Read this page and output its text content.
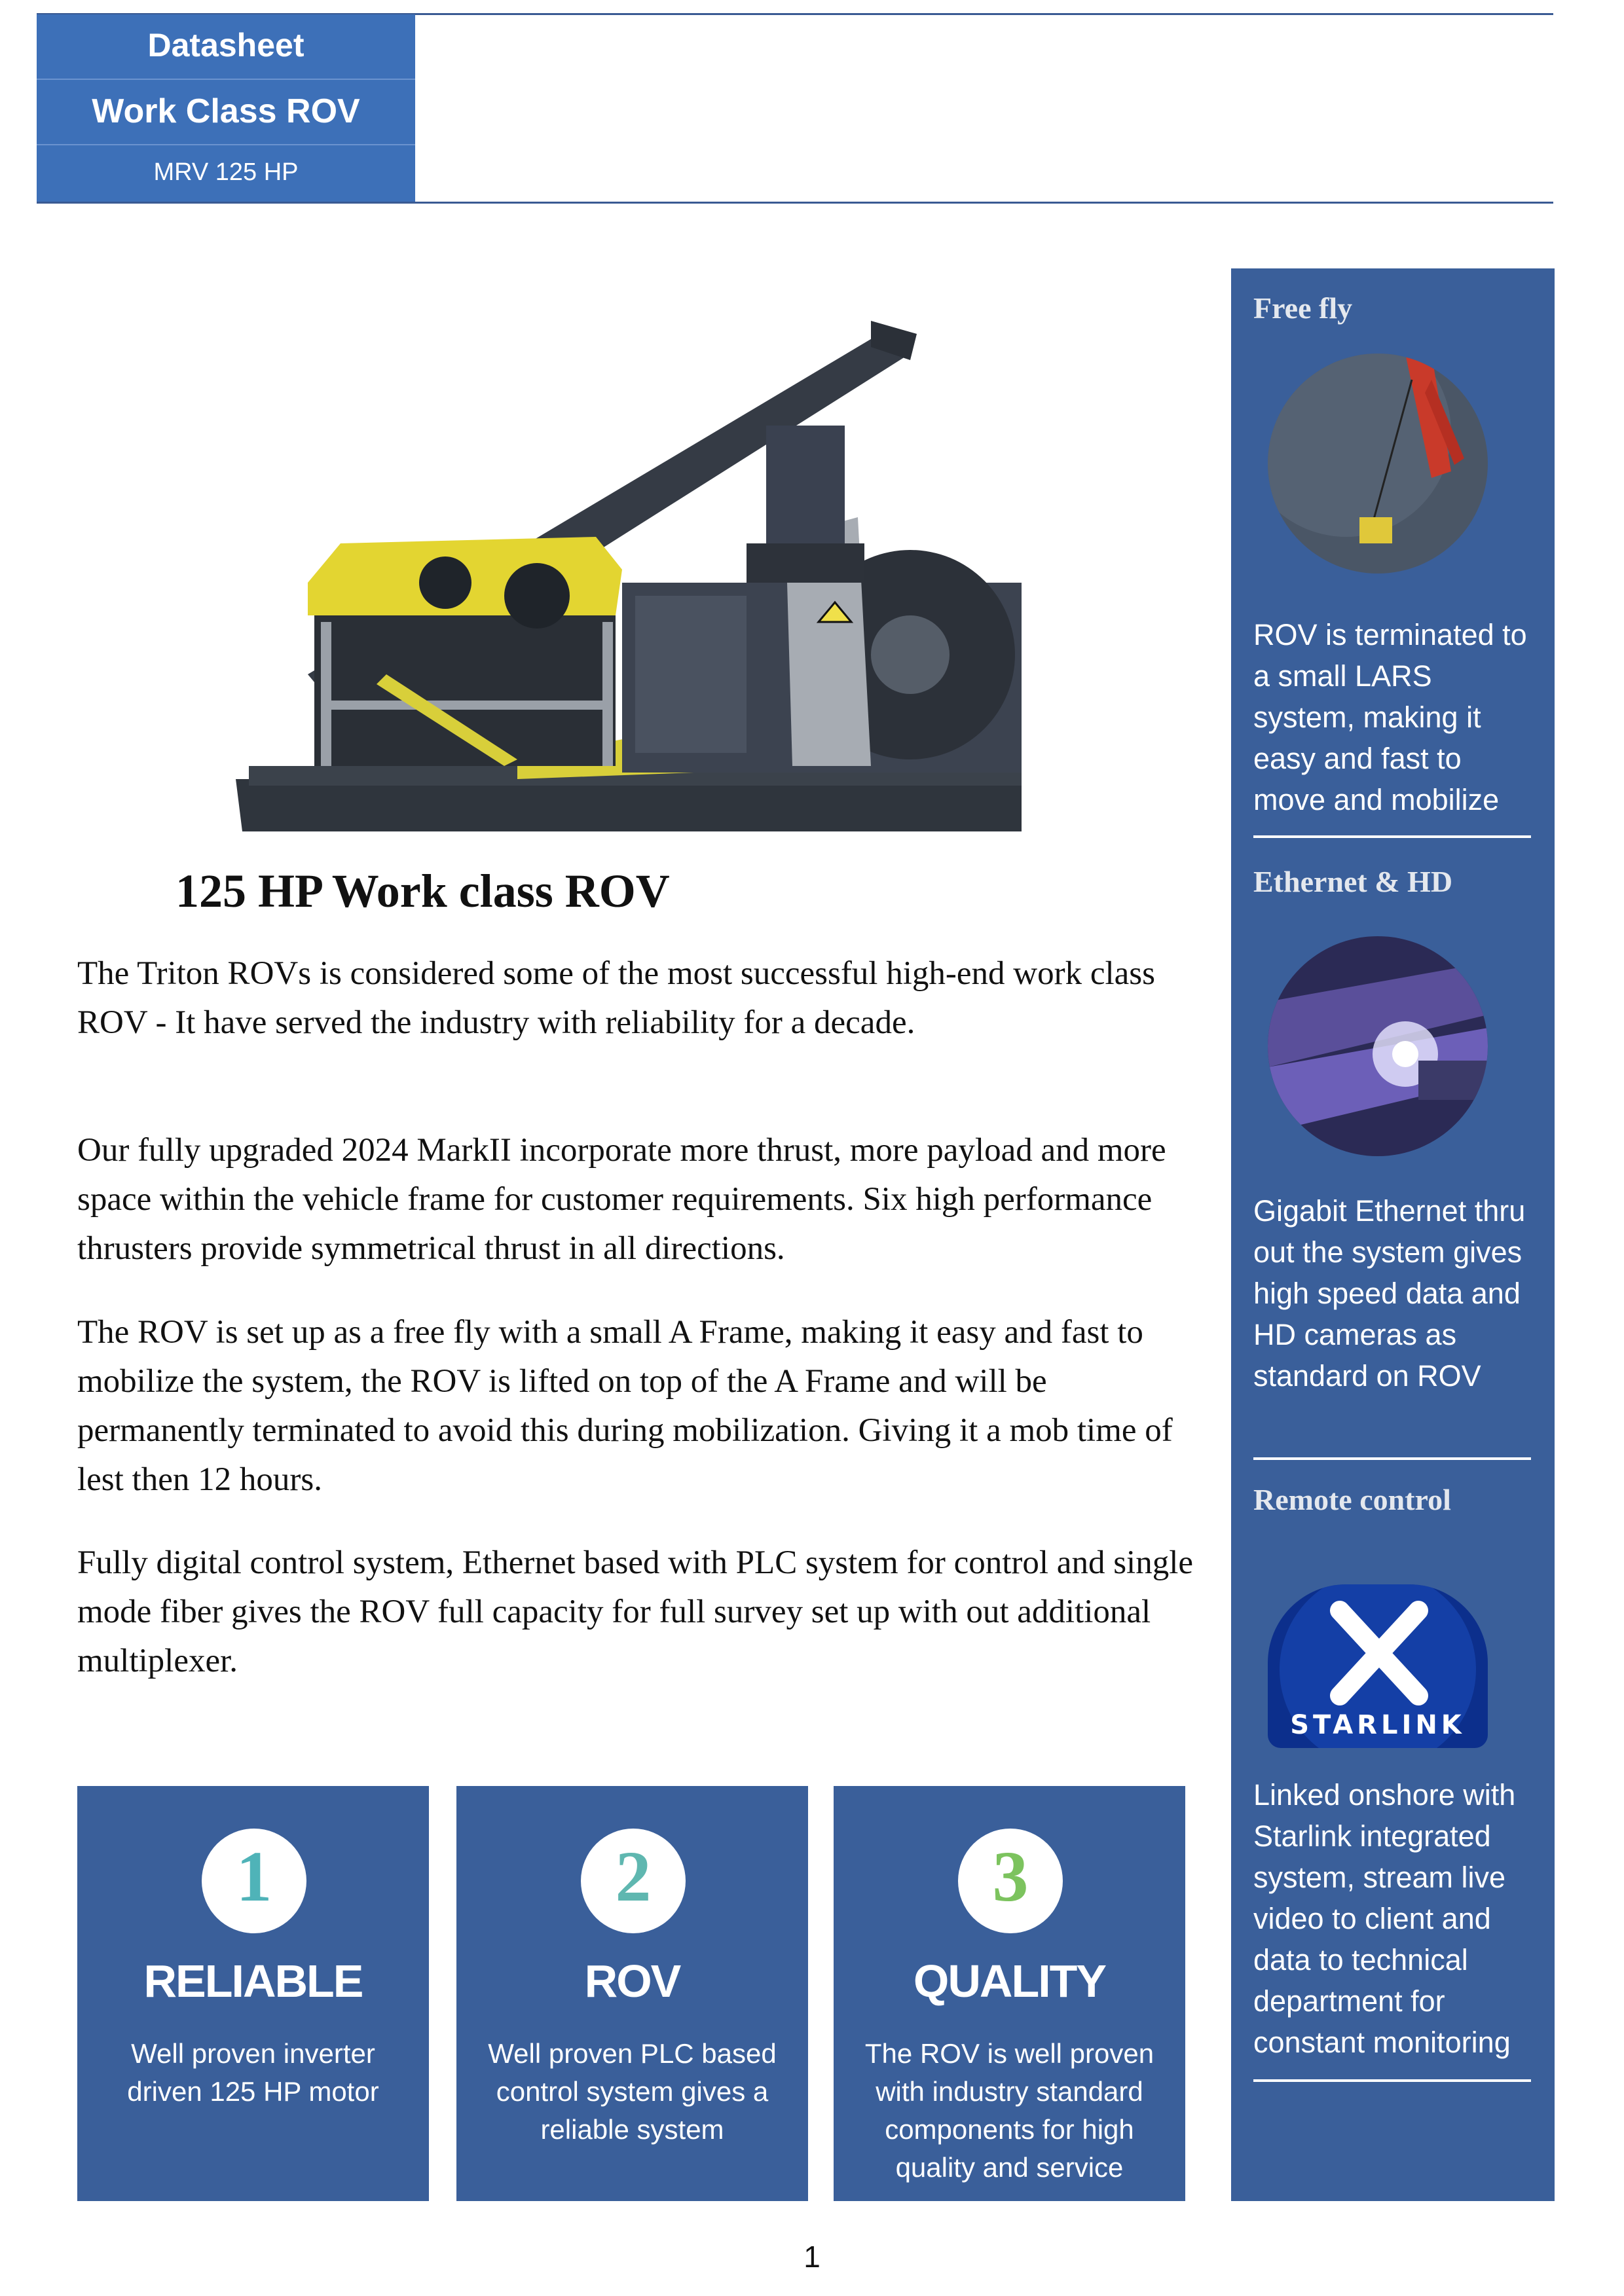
Datasheet
Work Class ROV
MRV 125 HP
125 HP Work class ROV
The Triton ROVs is considered some of the most successful high-end work class ROV - It have served the industry with reliability for a decade.
Our fully upgraded 2024 MarkII incorporate more thrust, more payload and more space within the vehicle frame for customer requirements. Six high performance thrusters provide symmetrical thrust in all directions.
The ROV is set up as a free fly with a small A Frame, making it easy and fast to mobilize the system, the ROV is lifted on top of the A Frame and will be permanently terminated to avoid this during mobilization. Giving it a mob time of lest then 12 hours.
Fully digital control system, Ethernet based with PLC system for control and single mode fiber gives the ROV full capacity for full survey set up with out additional multiplexer.
1
RELIABLE
Well proven inverter driven 125 HP motor
2
ROV
Well proven PLC based control system gives a reliable system
3
QUALITY
The ROV is well proven with industry standard components for high quality and service
Free fly
ROV is terminated to a small LARS system, making it easy and fast to move and mobilize
Ethernet & HD
Gigabit Ethernet thru out the system gives high speed data and HD cameras as standard on ROV
Remote control
STARLINK
Linked onshore with Starlink integrated system, stream live video to client and data to technical department for constant monitoring
1
